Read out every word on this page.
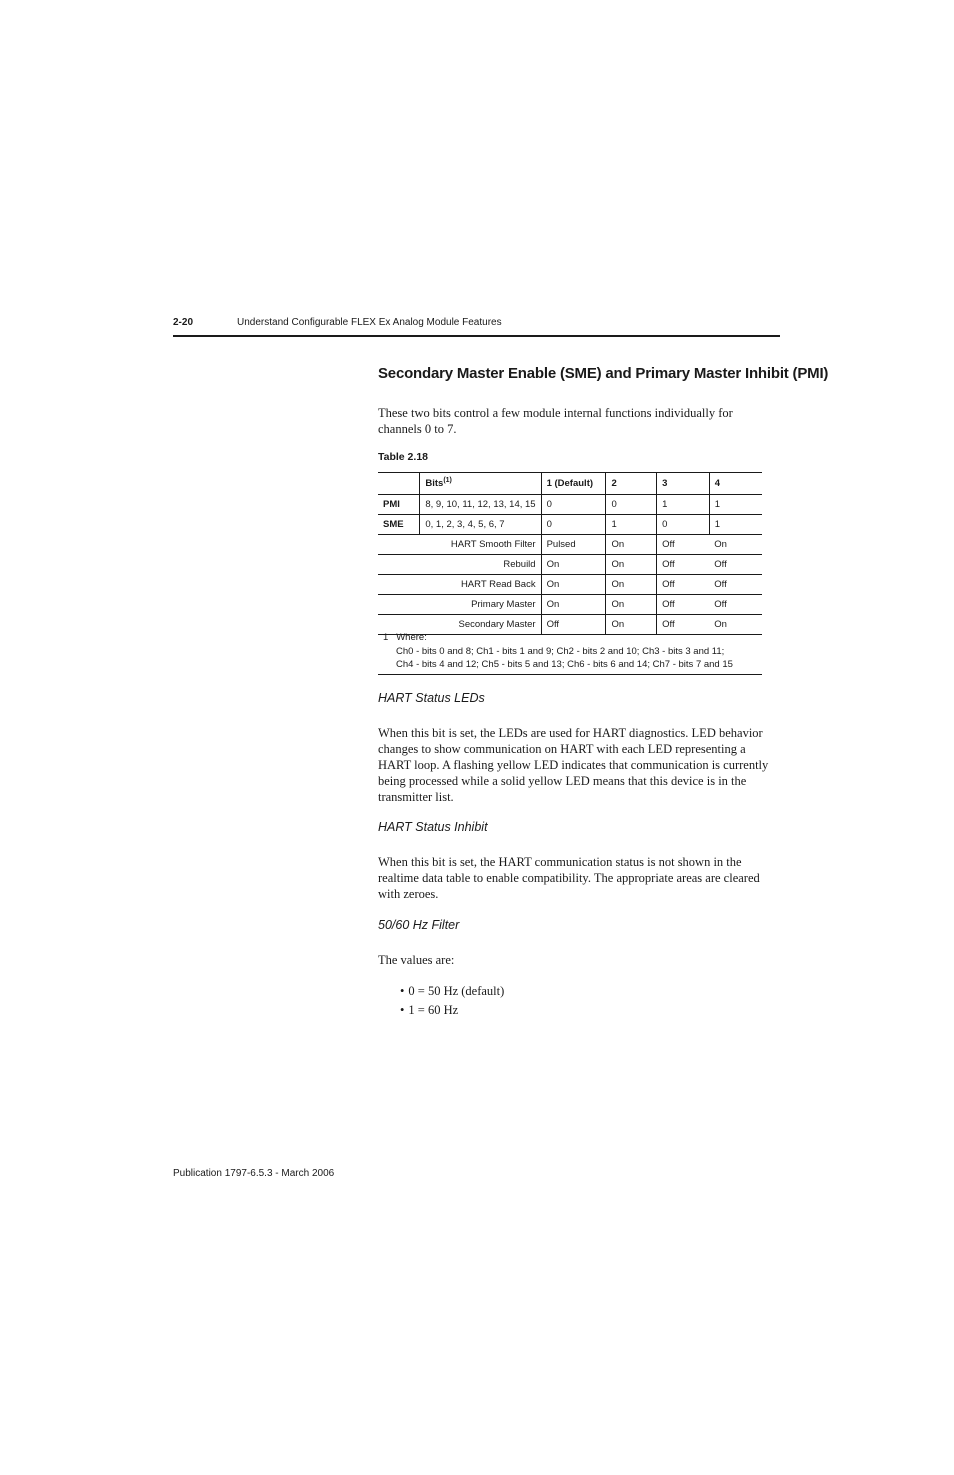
2-20	Understand Configurable FLEX Ex Analog Module Features
Secondary Master Enable (SME) and Primary Master Inhibit (PMI)

These two bits control a few module internal functions individually for channels 0 to 7.

Table 2.18
	Bits$^{(1)}$	1 (Default)	2	3	4
PMI	8, 9, 10, 11, 12, 13, 14, 15	0	0	1	1
SME	0, 1, 2, 3, 4, 5, 6, 7	0	1	0	1
HART Smooth Filter		Pulsed	On	Off	On
Rebuild		On	On	Off	Off
HART Read Back		On	On	Off	Off
Primary Master		On	On	Off	Off
Secondary Master		Off	On	Off	On
1 Where:
Ch0 - bits 0 and 8; Ch1 - bits 1 and 9; Ch2 - bits 2 and 10; Ch3 - bits 3 and 11;
Ch4 - bits 4 and 12; Ch5 - bits 5 and 13; Ch6 - bits 6 and 14; Ch7 - bits 7 and 15
HART Status LEDs

When this bit is set, the LEDs are used for HART diagnostics. LED behavior changes to show communication on HART with each LED representing a HART loop. A flashing yellow LED indicates that communication is currently being processed while a solid yellow LED means that this device is in the transmitter list.

HART Status Inhibit

When this bit is set, the HART communication status is not shown in the realtime data table to enable compatibility. The appropriate areas are cleared with zeroes.

50/60 Hz Filter

The values are:

• 0 = 50 Hz (default)
• 1 = 60 Hz
Publication 1797-6.5.3 - March 2006
